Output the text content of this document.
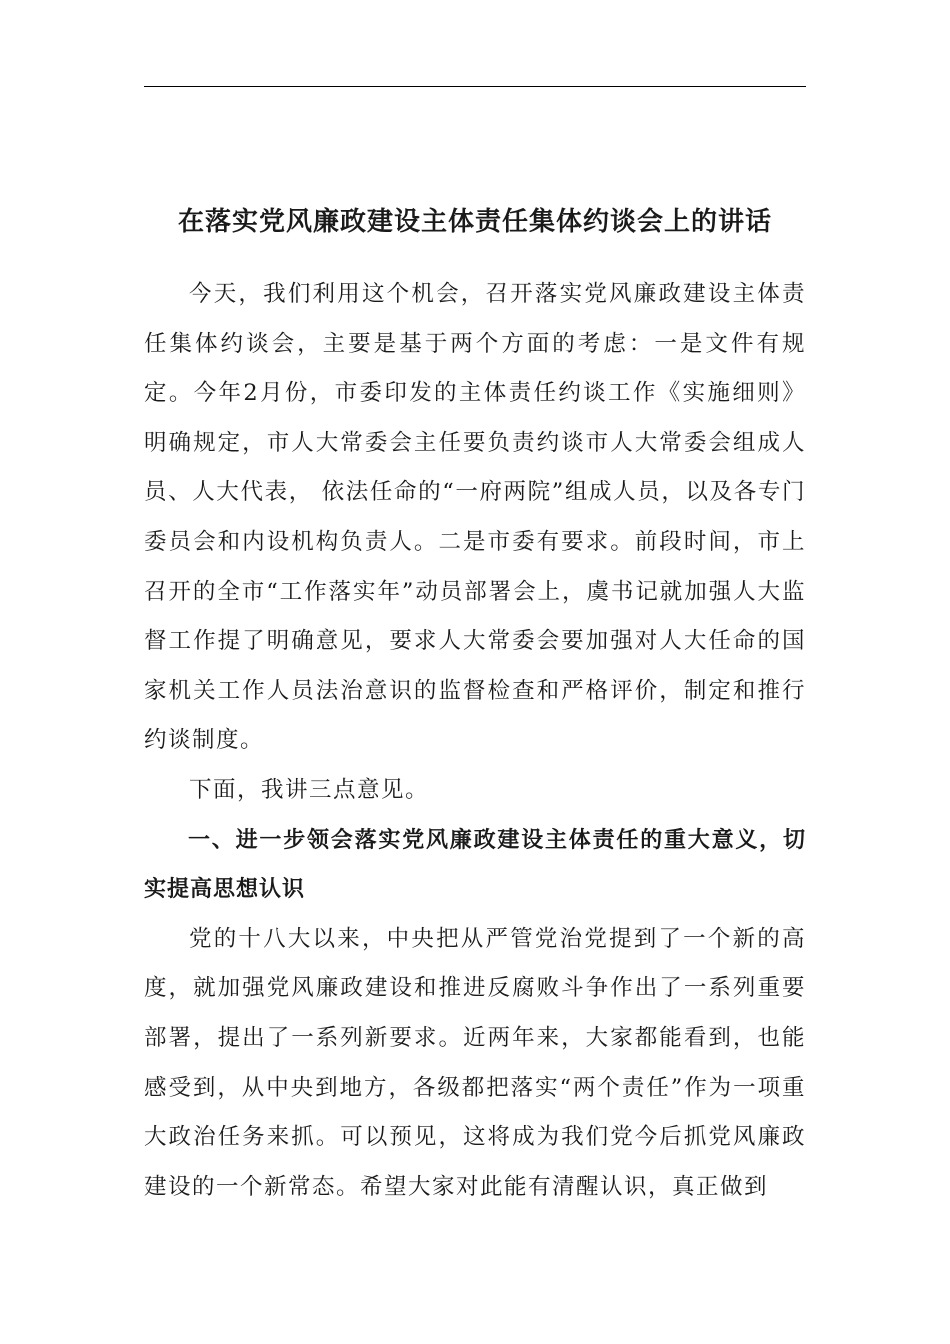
在落实党风廉政建设主体责任集体约谈会上的讲话

今天，我们利用这个机会，召开落实党风廉政建设主体责任集体约谈会，主要是基于两个方面的考虑：一是文件有规定。今年2月份，市委印发的主体责任约谈工作《实施细则》明确规定，市人大常委会主任要负责约谈市人大常委会组成人员、人大代表， 依法任命的“一府两院”组成人员，以及各专门委员会和内设机构负责人。二是市委有要求。前段时间，市上召开的全市“工作落实年”动员部署会上，虞书记就加强人大监督工作提了明确意见，要求人大常委会要加强对人大任命的国家机关工作人员法治意识的监督检查和严格评价，制定和推行约谈制度。

下面，我讲三点意见。

一、进一步领会落实党风廉政建设主体责任的重大意义，切实提高思想认识

党的十八大以来，中央把从严管党治党提到了一个新的高度，就加强党风廉政建设和推进反腐败斗争作出了一系列重要部署，提出了一系列新要求。近两年来，大家都能看到，也能感受到，从中央到地方，各级都把落实“两个责任”作为一项重大政治任务来抓。可以预见，这将成为我们党今后抓党风廉政建设的一个新常态。希望大家对此能有清醒认识，真正做到
